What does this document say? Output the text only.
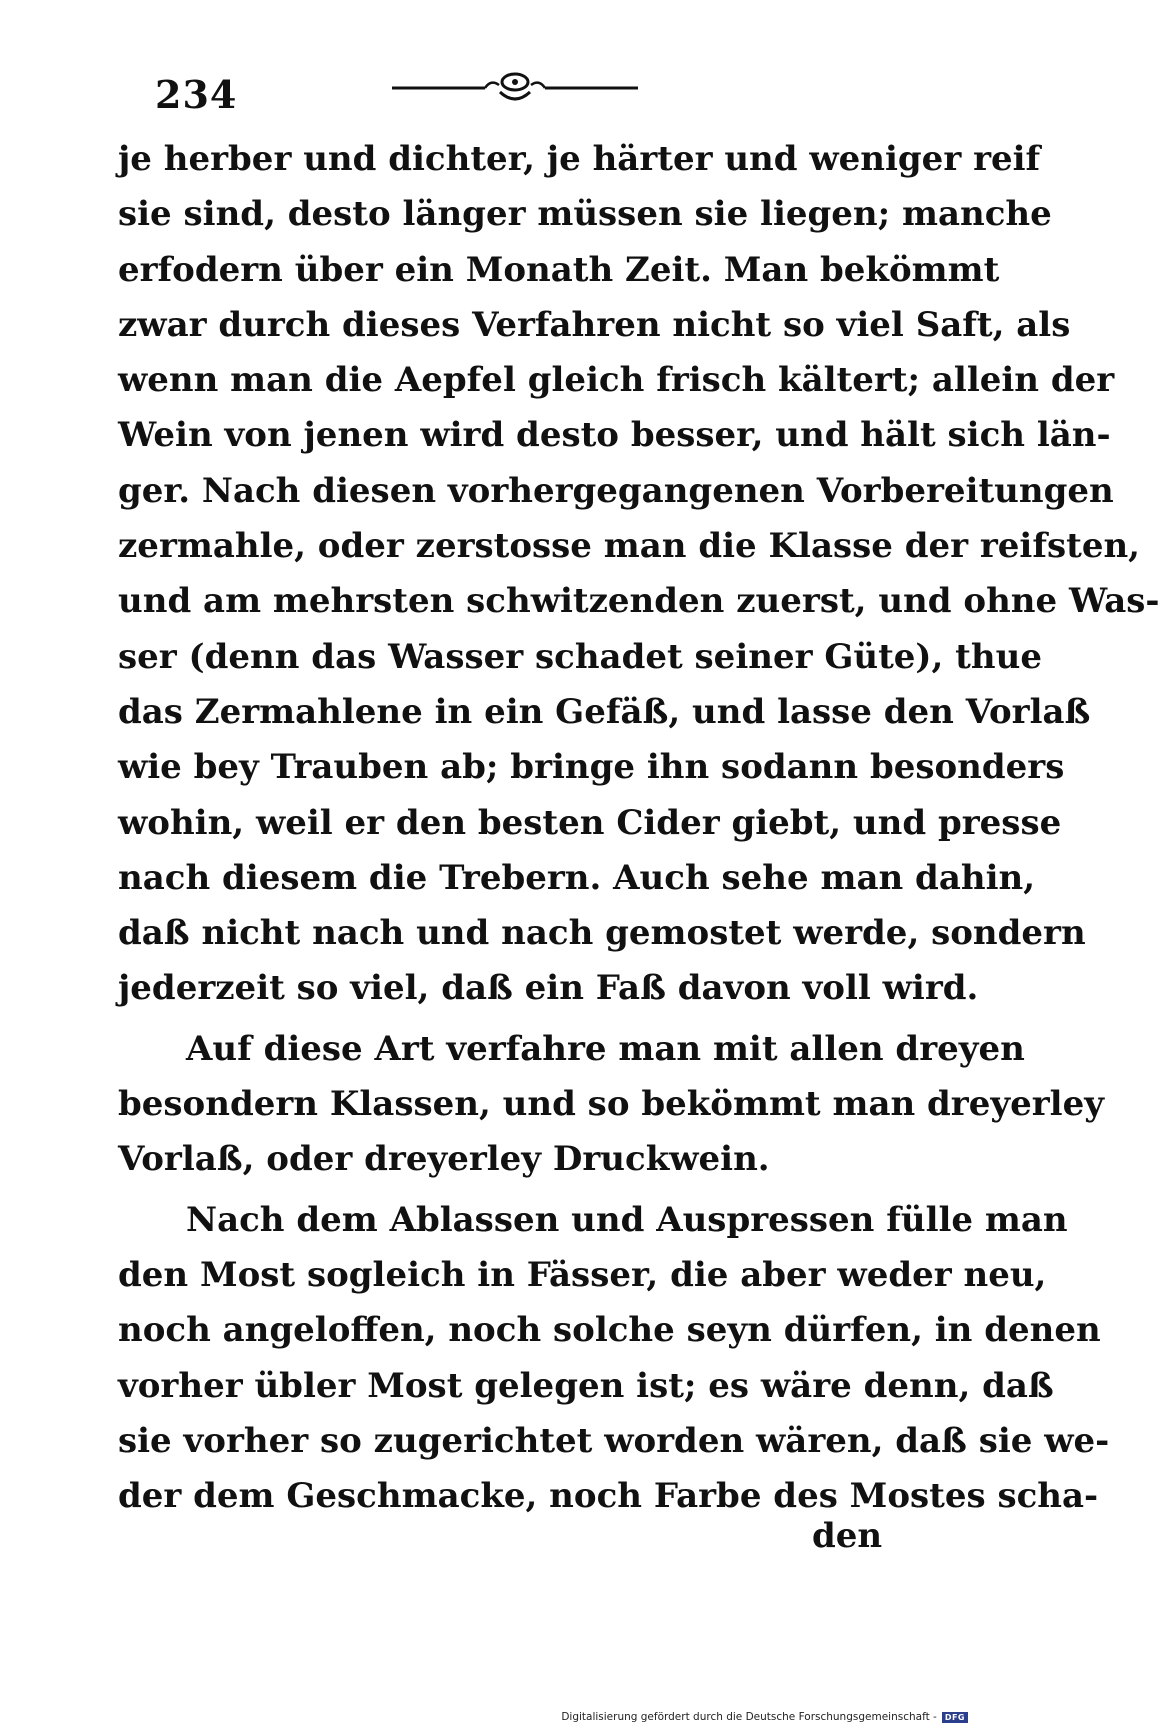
234
je herber und dichter, je härter und weniger reif
sie sind, desto länger müssen sie liegen; manche
erfodern über ein Monath Zeit. Man bekömmt
zwar durch dieses Verfahren nicht so viel Saft, als
wenn man die Aepfel gleich frisch kältert; allein der
Wein von jenen wird desto besser, und hält sich län-
ger. Nach diesen vorhergegangenen Vorbereitungen
zermahle, oder zerstosse man die Klasse der reifsten,
und am mehrsten schwitzenden zuerst, und ohne Was-
ser (denn das Wasser schadet seiner Güte), thue
das Zermahlene in ein Gefäß, und lasse den Vorlaß
wie bey Trauben ab; bringe ihn sodann besonders
wohin, weil er den besten Cider giebt, und presse
nach diesem die Trebern. Auch sehe man dahin,
daß nicht nach und nach gemostet werde, sondern
jederzeit so viel, daß ein Faß davon voll wird.
Auf diese Art verfahre man mit allen dreyen
besondern Klassen, und so bekömmt man dreyerley
Vorlaß, oder dreyerley Druckwein.
Nach dem Ablassen und Auspressen fülle man
den Most sogleich in Fässer, die aber weder neu,
noch angeloffen, noch solche seyn dürfen, in denen
vorher übler Most gelegen ist; es wäre denn, daß
sie vorher so zugerichtet worden wären, daß sie we-
der dem Geschmacke, noch Farbe des Mostes scha-
den
Digitalisierung gefördert durch die Deutsche Forschungsgemeinschaft -	DFG
